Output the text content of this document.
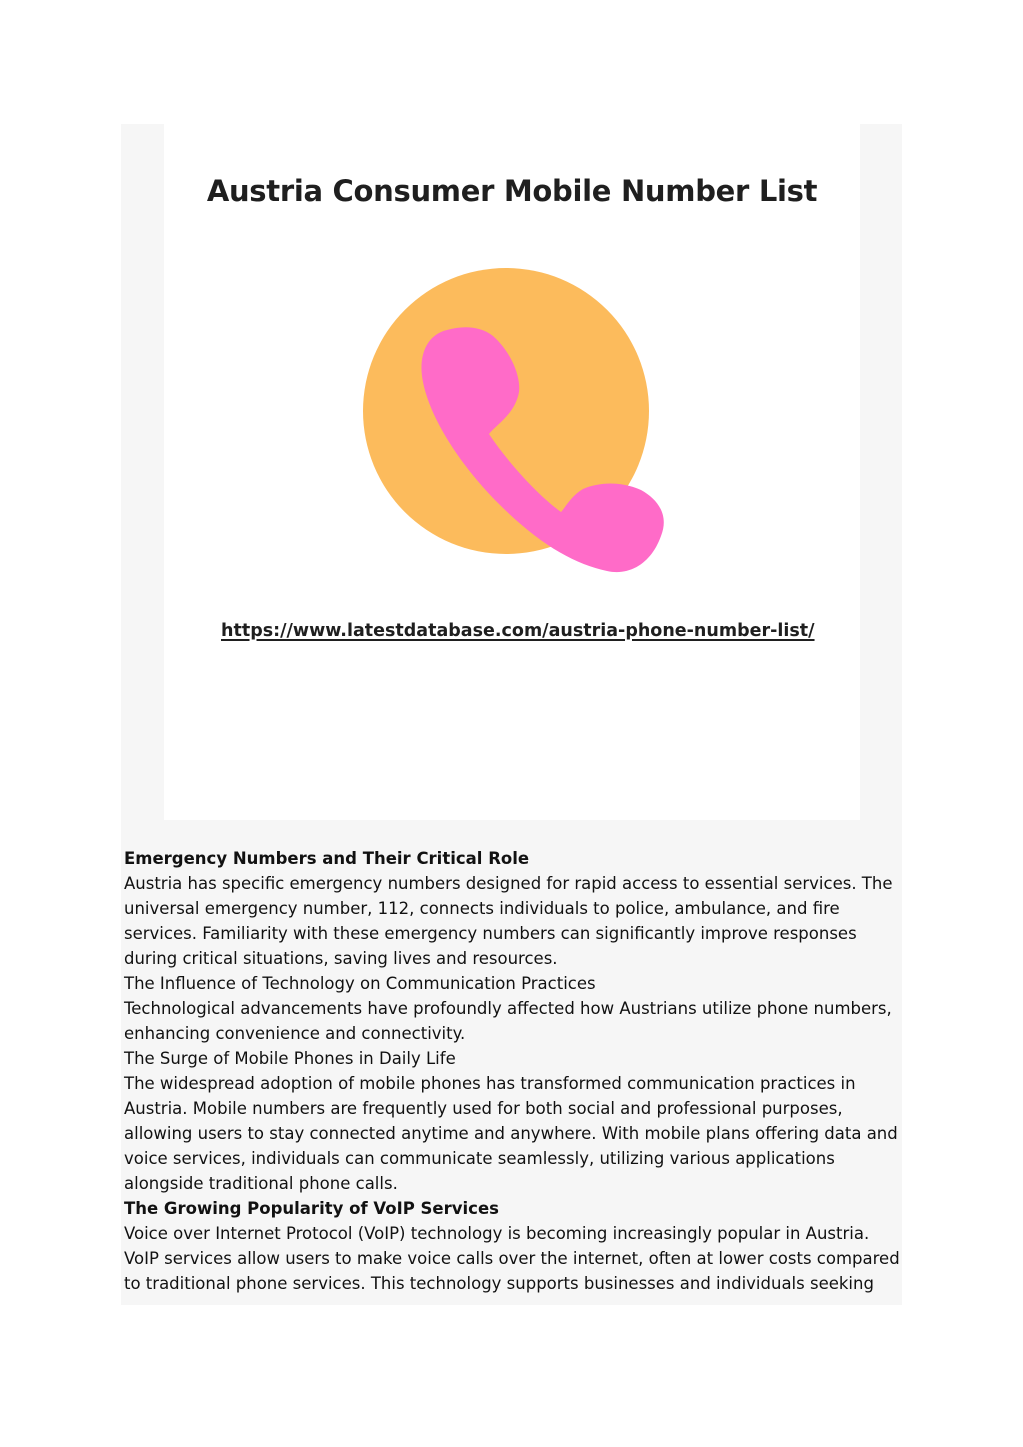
Austria Consumer Mobile Number List
https://www.latestdatabase.com/austria-phone-number-list/

Emergency Numbers and Their Critical Role

Austria has specific emergency numbers designed for rapid access to essential services. The universal emergency number, 112, connects individuals to police, ambulance, and fire services. Familiarity with these emergency numbers can significantly improve responses during critical situations, saving lives and resources.

The Influence of Technology on Communication Practices

Technological advancements have profoundly affected how Austrians utilize phone numbers, enhancing convenience and connectivity.

The Surge of Mobile Phones in Daily Life

The widespread adoption of mobile phones has transformed communication practices in Austria. Mobile numbers are frequently used for both social and professional purposes, allowing users to stay connected anytime and anywhere. With mobile plans offering data and voice services, individuals can communicate seamlessly, utilizing various applications alongside traditional phone calls.

The Growing Popularity of VoIP Services

Voice over Internet Protocol (VoIP) technology is becoming increasingly popular in Austria. VoIP services allow users to make voice calls over the internet, often at lower costs compared to traditional phone services. This technology supports businesses and individuals seeking
